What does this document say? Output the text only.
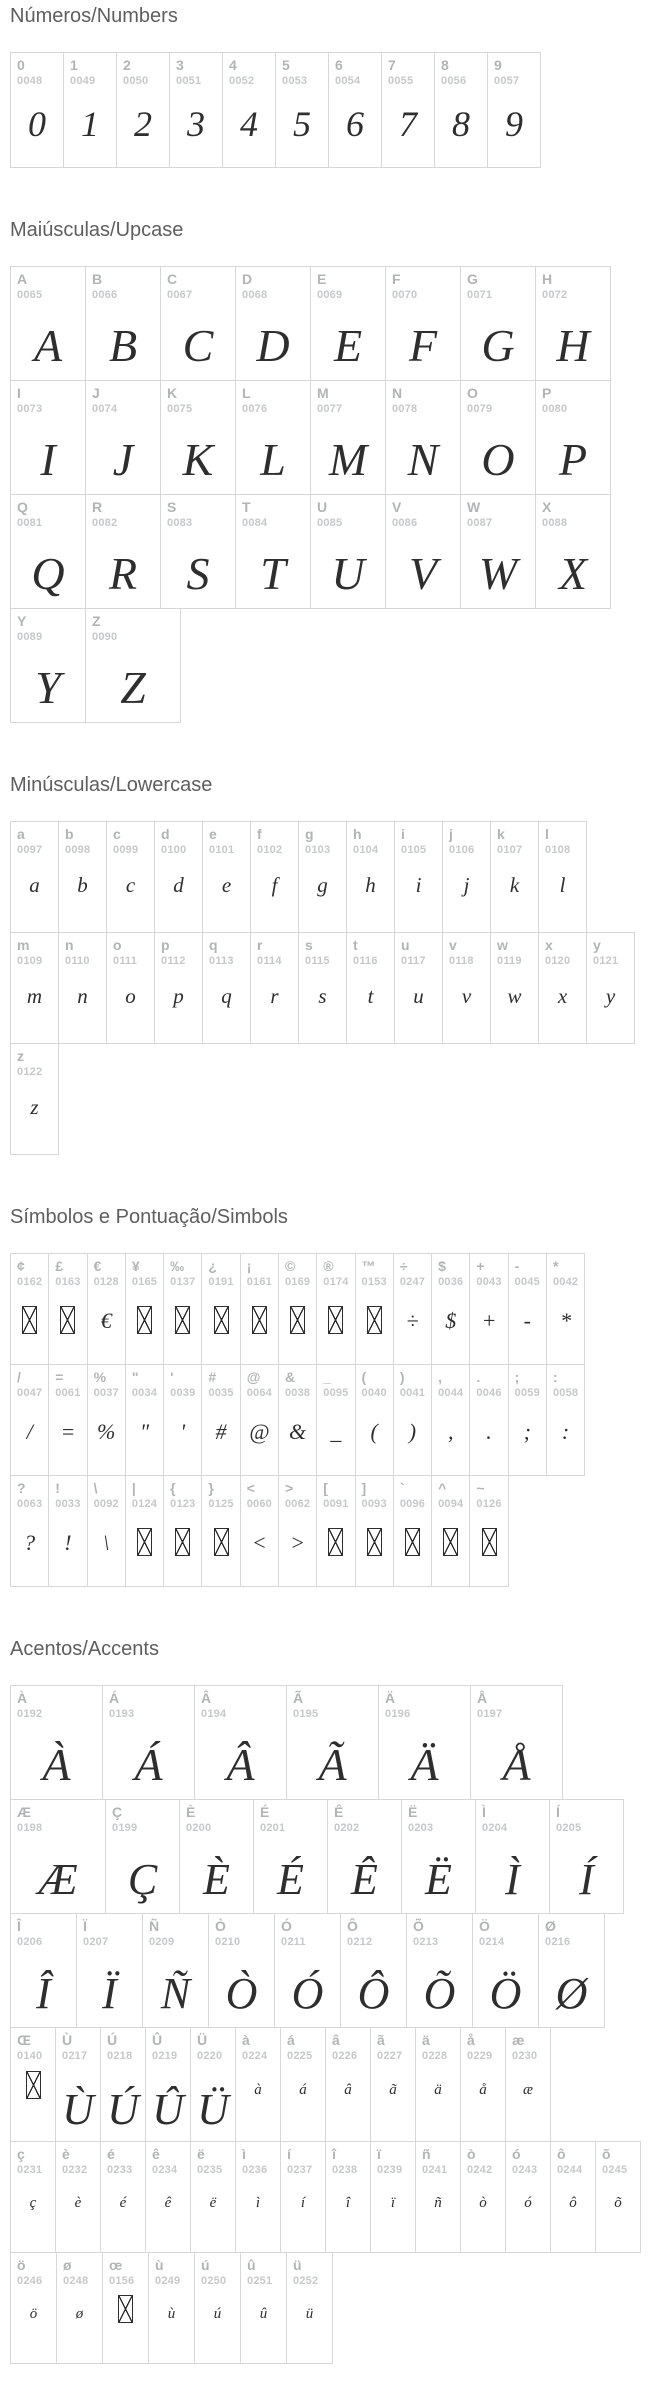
Números/Numbers
0
0048
0
1
0049
1
2
0050
2
3
0051
3
4
0052
4
5
0053
5
6
0054
6
7
0055
7
8
0056
8
9
0057
9
Maiúsculas/Upcase
A
0065
A
B
0066
B
C
0067
C
D
0068
D
E
0069
E
F
0070
F
G
0071
G
H
0072
H
I
0073
I
J
0074
J
K
0075
K
L
0076
L
M
0077
M
N
0078
N
O
0079
O
P
0080
P
Q
0081
Q
R
0082
R
S
0083
S
T
0084
T
U
0085
U
V
0086
V
W
0087
W
X
0088
X
Y
0089
Y
Z
0090
Z
Minúsculas/Lowercase
a
0097
a
b
0098
b
c
0099
c
d
0100
d
e
0101
e
f
0102
f
g
0103
g
h
0104
h
i
0105
i
j
0106
j
k
0107
k
l
0108
l
m
0109
m
n
0110
n
o
0111
o
p
0112
p
q
0113
q
r
0114
r
s
0115
s
t
0116
t
u
0117
u
v
0118
v
w
0119
w
x
0120
x
y
0121
y
z
0122
z
Símbolos e Pontuação/Simbols
¢
0162
£
0163
€
0128
€
¥
0165
‰
0137
¿
0191
¡
0161
©
0169
®
0174
™
0153
÷
0247
÷
$
0036
$
+
0043
+
-
0045
-
*
0042
*
/
0047
/
=
0061
=
%
0037
%
"
0034
"
'
0039
'
#
0035
#
@
0064
@
&
0038
&
_
0095
_
(
0040
(
)
0041
)
,
0044
,
.
0046
.
;
0059
;
:
0058
:
?
0063
?
!
0033
!
\
0092
\
|
0124
{
0123
}
0125
<
0060
<
>
0062
>
[
0091
]
0093
`
0096
^
0094
~
0126
Acentos/Accents
À
0192
À
Á
0193
Á
Â
0194
Â
Ã
0195
Ã
Ä
0196
Ä
Å
0197
Å
Æ
0198
Æ
Ç
0199
Ç
È
0200
È
É
0201
É
Ê
0202
Ê
Ë
0203
Ë
Ì
0204
Ì
Í
0205
Í
Î
0206
Î
Ï
0207
Ï
Ñ
0209
Ñ
Ò
0210
Ò
Ó
0211
Ó
Ô
0212
Ô
Õ
0213
Õ
Ö
0214
Ö
Ø
0216
Ø
Œ
0140
Ù
0217
Ù
Ú
0218
Ú
Û
0219
Û
Ü
0220
Ü
à
0224
à
á
0225
á
â
0226
â
ã
0227
ã
ä
0228
ä
å
0229
å
æ
0230
æ
ç
0231
ç
è
0232
è
é
0233
é
ê
0234
ê
ë
0235
ë
ì
0236
ì
í
0237
í
î
0238
î
ï
0239
ï
ñ
0241
ñ
ò
0242
ò
ó
0243
ó
ô
0244
ô
õ
0245
õ
ö
0246
ö
ø
0248
ø
œ
0156
ù
0249
ù
ú
0250
ú
û
0251
û
ü
0252
ü
